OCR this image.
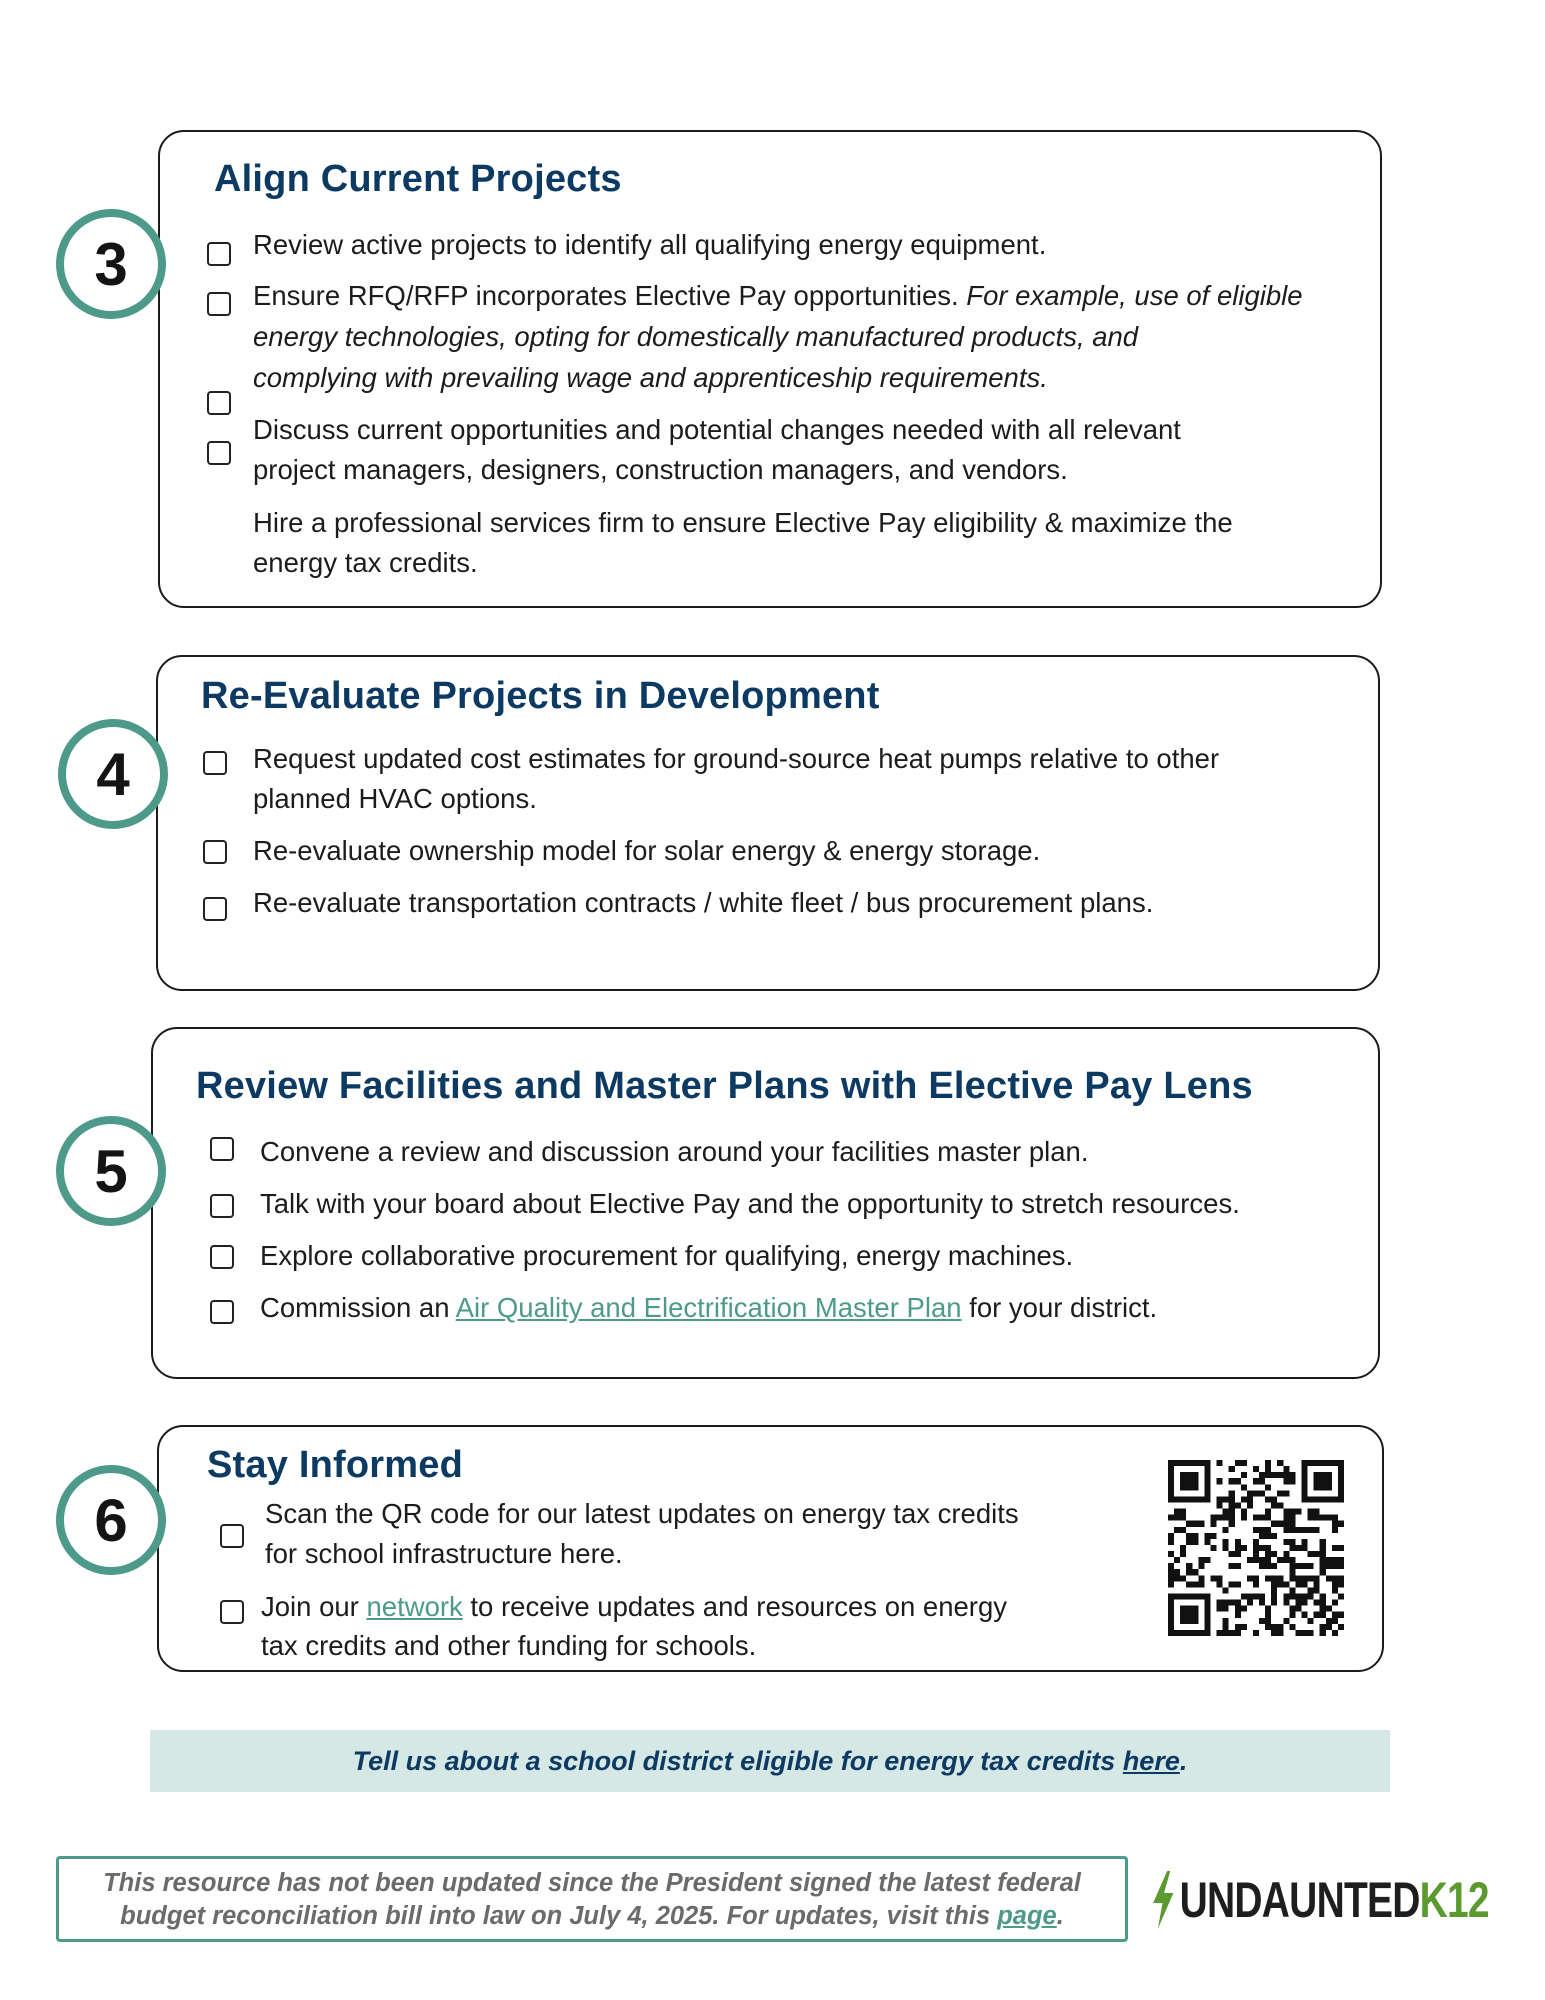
Align Current Projects
3	Review active projects to identify all qualifying energy equipment.
Ensure RFQ/RFP incorporates Elective Pay opportunities. For example, use of eligible
energy technologies, opting for domestically manufactured products, and
complying with prevailing wage and apprenticeship requirements.
Discuss current opportunities and potential changes needed with all relevant
project managers, designers, construction managers, and vendors.
Hire a professional services firm to ensure Elective Pay eligibility & maximize the
energy tax credits.
Re-Evaluate Projects in Development
4	Request updated cost estimates for ground-source heat pumps relative to other
planned HVAC options.
Re-evaluate ownership model for solar energy & energy storage.
Re-evaluate transportation contracts / white fleet / bus procurement plans.
Review Facilities and Master Plans with Elective Pay Lens
5	Convene a review and discussion around your facilities master plan.
Talk with your board about Elective Pay and the opportunity to stretch resources.
Explore collaborative procurement for qualifying, energy machines.
Commission an Air Quality and Electrification Master Plan for your district.
Stay Informed
6	Scan the QR code for our latest updates on energy tax credits
for school infrastructure here.
Join our network to receive updates and resources on energy
tax credits and other funding for schools.
Tell us about a school district eligible for energy tax credits here .
This resource has not been updated since the President signed the latest federal
budget reconciliation bill into law on July 4, 2025. For updates, visit this page.	UNDAUNTED K12
